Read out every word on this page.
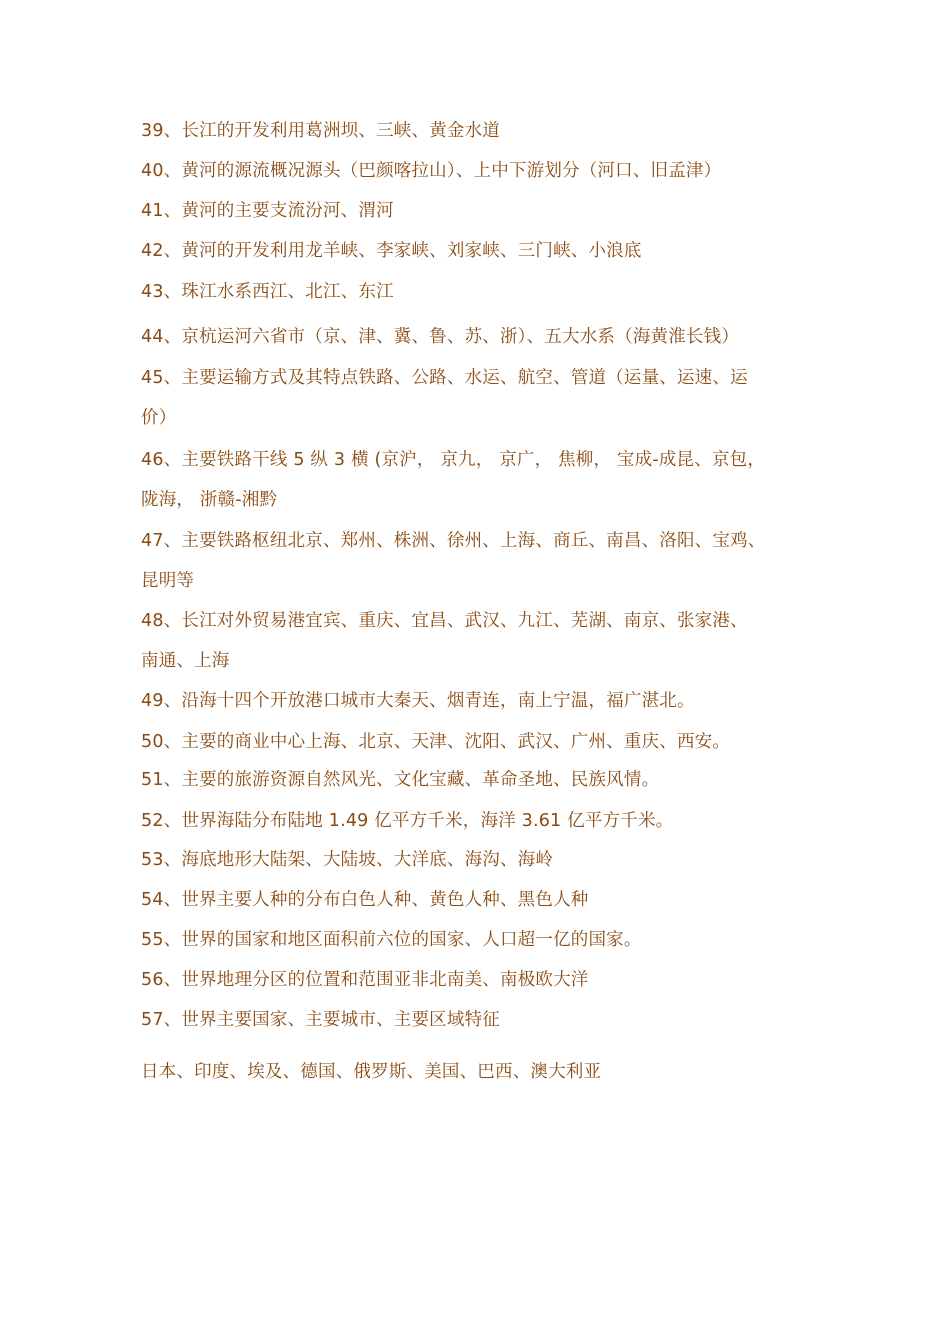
39、长江的开发利用葛洲坝、三峡、黄金水道
40、黄河的源流概况源头（巴颜喀拉山）、上中下游划分（河口、旧孟津）
41、黄河的主要支流汾河、渭河
42、黄河的开发利用龙羊峡、李家峡、刘家峡、三门峡、小浪底
43、珠江水系西江、北江、东江
44、京杭运河六省市（京、津、冀、鲁、苏、浙）、五大水系（海黄淮长钱）
45、主要运输方式及其特点铁路、公路、水运、航空、管道（运量、运速、运
价）
46、主要铁路干线 5 纵 3 横 (京沪， 京九， 京广， 焦柳， 宝成-成昆、京包，
陇海， 浙赣-湘黔
47、主要铁路枢纽北京、郑州、株洲、徐州、上海、商丘、南昌、洛阳、宝鸡、
昆明等
48、长江对外贸易港宜宾、重庆、宜昌、武汉、九江、芜湖、南京、张家港、
南通、上海
49、沿海十四个开放港口城市大秦天、烟青连，南上宁温，福广湛北。
50、主要的商业中心上海、北京、天津、沈阳、武汉、广州、重庆、西安。
51、主要的旅游资源自然风光、文化宝藏、革命圣地、民族风情。
52、世界海陆分布陆地 1.49 亿平方千米，海洋 3.61 亿平方千米。
53、海底地形大陆架、大陆坡、大洋底、海沟、海岭
54、世界主要人种的分布白色人种、黄色人种、黑色人种
55、世界的国家和地区面积前六位的国家、人口超一亿的国家。
56、世界地理分区的位置和范围亚非北南美、南极欧大洋
57、世界主要国家、主要城市、主要区域特征
日本、印度、埃及、德国、俄罗斯、美国、巴西、澳大利亚
